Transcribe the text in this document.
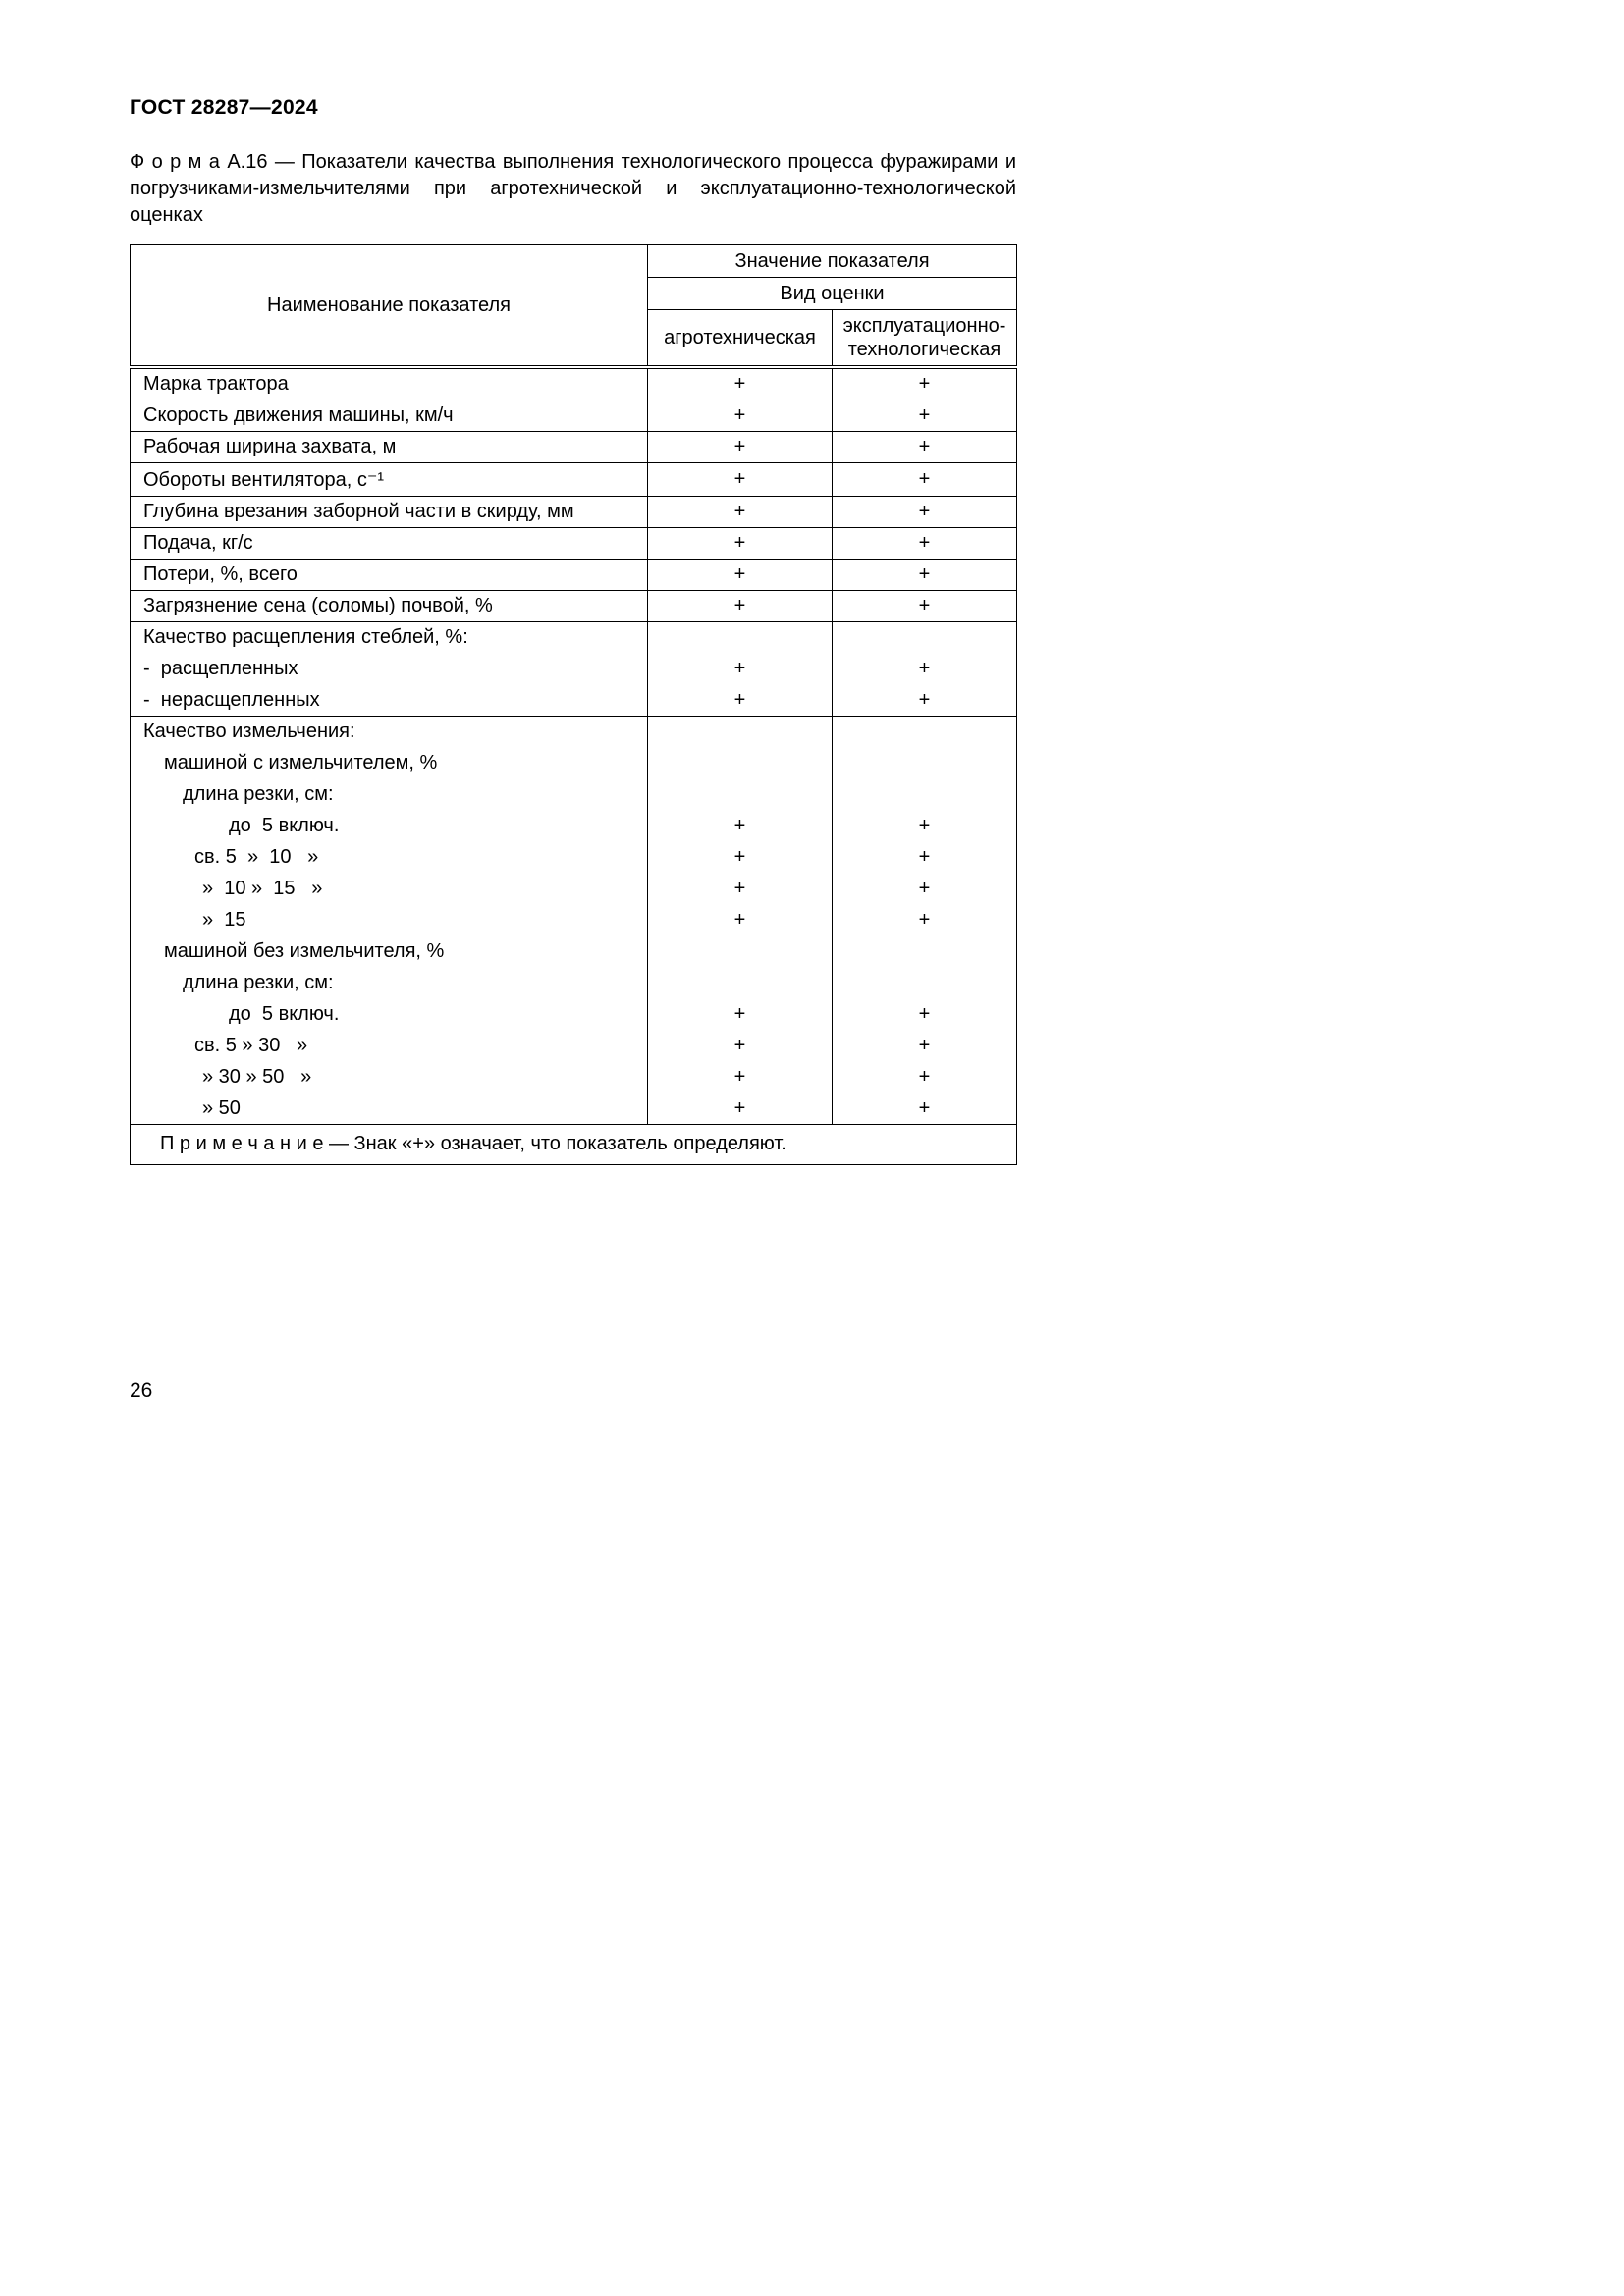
ГОСТ 28287—2024

Ф о р м а А.16 — Показатели качества выполнения технологического процесса фуражирами и погрузчиками-измельчителями при агротехнической и эксплуатационно-технологической оценках

Наименование показателя	Значение показателя	
	Вид оценки	
	агротехническая	эксплуатационно-технологическая
Марка трактора	+	+
Скорость движения машины, км/ч	+	+
Рабочая ширина захвата, м	+	+
Обороты вентилятора, с⁻¹	+	+
Глубина врезания заборной части в скирду, мм	+	+
Подача, кг/с	+	+
Потери, %, всего	+	+
Загрязнение сена (соломы) почвой, %	+	+
Качество расщепления стеблей, %:		
-  расщепленных	+	+
-  нерасщепленных	+	+
Качество измельчения:		
машиной с измельчителем, %		
длина резки, см:		
до  5 включ.	+	+
св. 5  »  10   »	+	+
»  10 »  15   »	+	+
»  15	+	+
машиной без измельчителя, %		
длина резки, см:		
до  5 включ.	+	+
св. 5 » 30   »	+	+
» 30 » 50   »	+	+
» 50	+	+
П р и м е ч а н и е — Знак «+» означает, что показатель определяют.		
26
